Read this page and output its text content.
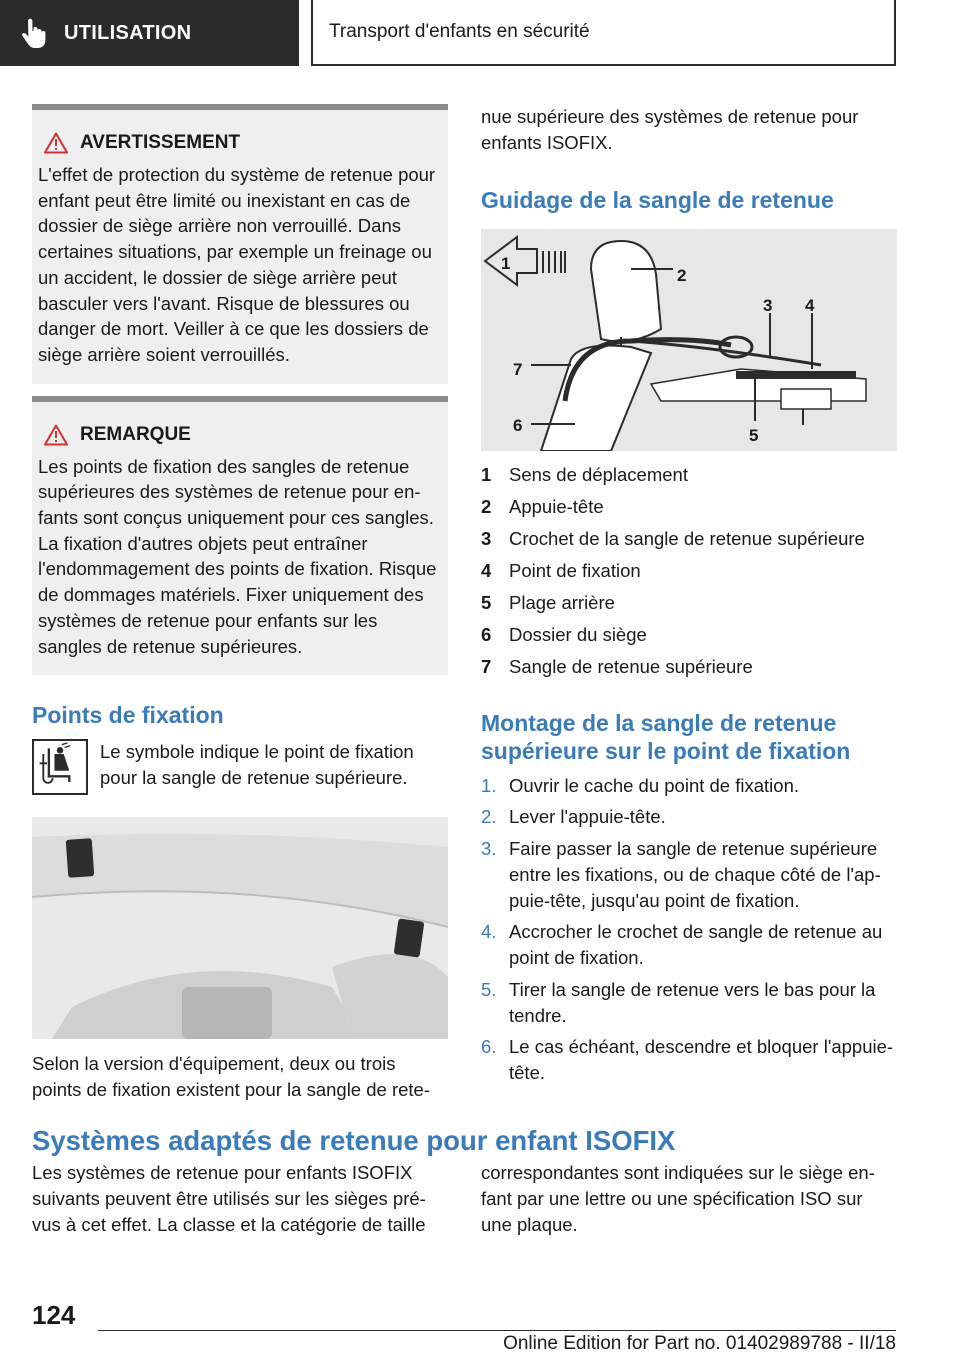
UTILISATION	Transport d'enfants en sécurité
AVERTISSEMENT

L'effet de protection du système de retenue pour enfant peut être limité ou inexistant en cas de dossier de siège arrière non verrouillé. Dans certaines situations, par exemple un freinage ou un accident, le dossier de siège arrière peut basculer vers l'avant. Risque de blessures ou danger de mort. Veiller à ce que les dossiers de siège arrière soient verrouillés.

REMARQUE

Les points de fixation des sangles de retenue supérieures des systèmes de retenue pour enfants sont conçus uniquement pour ces sangles. La fixation d'autres objets peut entraîner l'endommagement des points de fixation. Risque de dommages matériels. Fixer uniquement des systèmes de retenue pour enfants sur les sangles de retenue supérieures.

Points de fixation

Le symbole indique le point de fixation pour la sangle de retenue supérieure.

Selon la version d'équipement, deux ou trois points de fixation existent pour la sangle de rete-

nue supérieure des systèmes de retenue pour enfants ISOFIX.

Guidage de la sangle de retenue
1
2
3 4
5
6
7
1 Sens de déplacement
2 Appuie-tête
3 Crochet de la sangle de retenue supérieure
4 Point de fixation
5 Plage arrière
6 Dossier du siège
7 Sangle de retenue supérieure
Montage de la sangle de retenue supérieure sur le point de fixation
1. Ouvrir le cache du point de fixation.
2. Lever l'appuie-tête.
3. Faire passer la sangle de retenue supérieure entre les fixations, ou de chaque côté de l'appuie-tête, jusqu'au point de fixation.
4. Accrocher le crochet de sangle de retenue au point de fixation.
5. Tirer la sangle de retenue vers le bas pour la tendre.
6. Le cas échéant, descendre et bloquer l'appuie-tête.
Systèmes adaptés de retenue pour enfant ISOFIX

Les systèmes de retenue pour enfants ISOFIX suivants peuvent être utilisés sur les sièges prévus à cet effet. La classe et la catégorie de taille

correspondantes sont indiquées sur le siège enfant par une lettre ou une spécification ISO sur une plaque.

124
Online Edition for Part no. 01402989788 - II/18
